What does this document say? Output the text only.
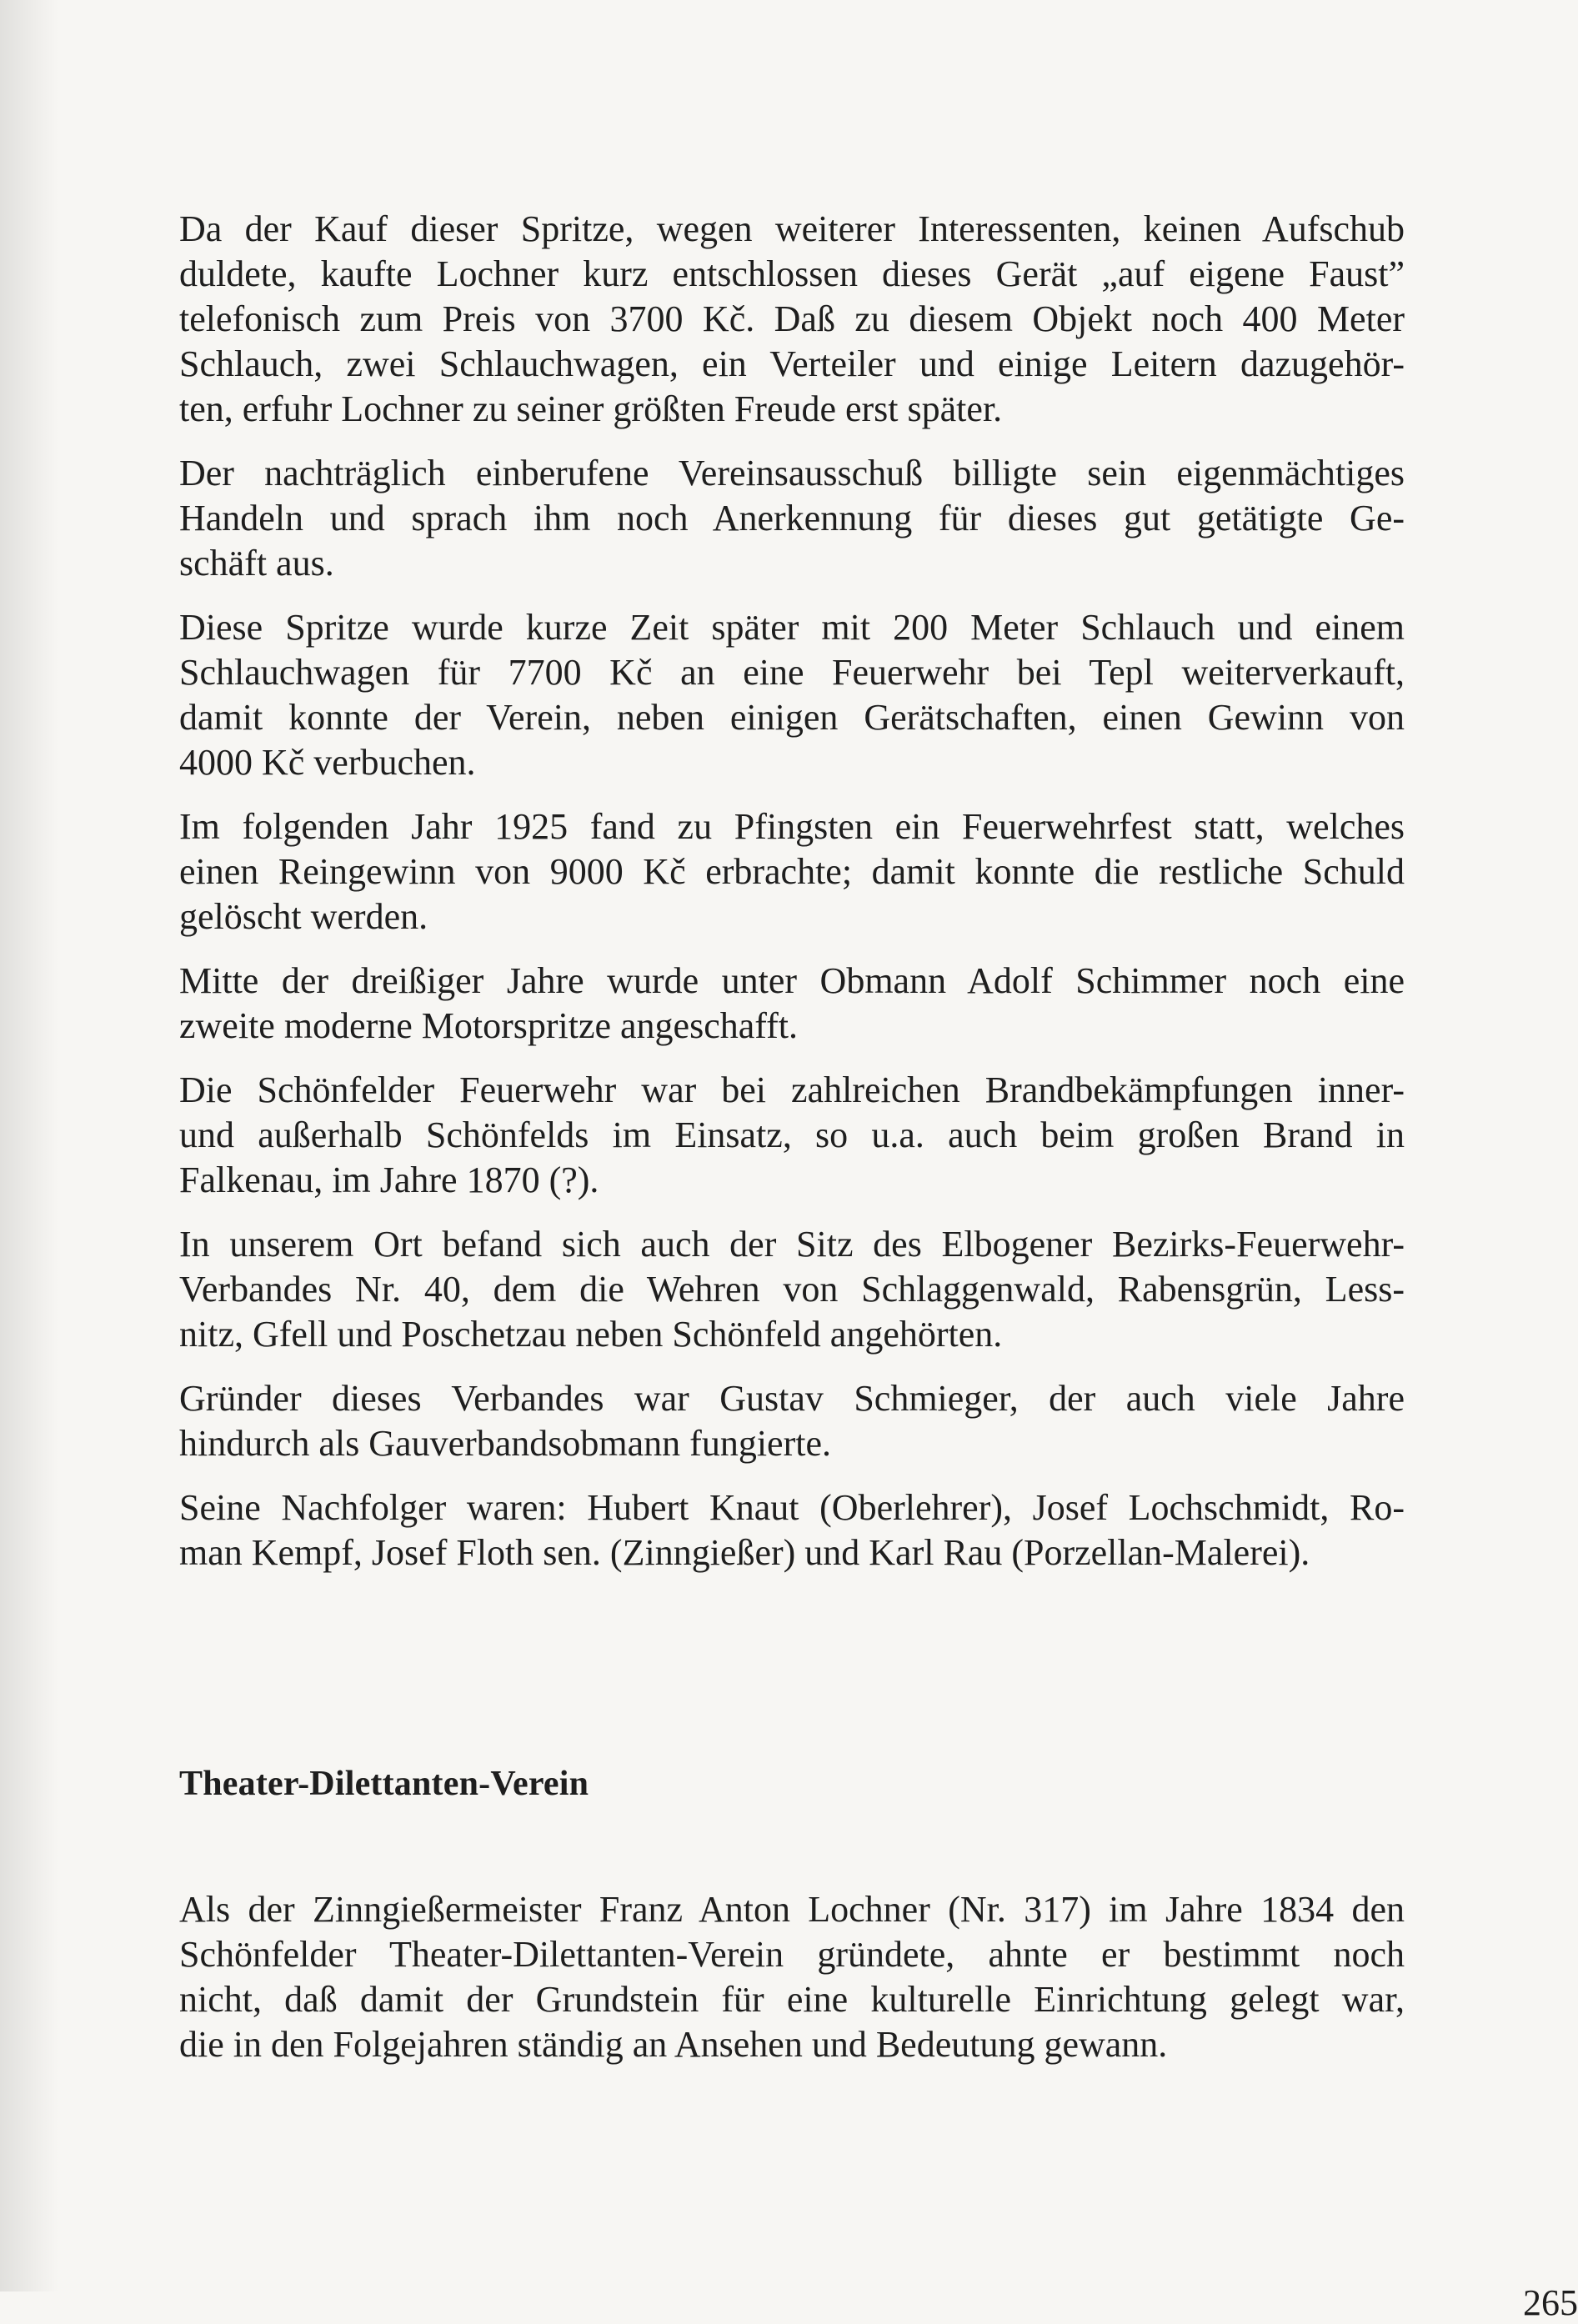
Da der Kauf dieser Spritze, wegen weiterer Interessenten, keinen Aufschub
duldete, kaufte Lochner kurz entschlossen dieses Gerät „auf eigene Faust”
telefonisch zum Preis von 3700 Kč. Daß zu diesem Objekt noch 400 Meter
Schlauch, zwei Schlauchwagen, ein Verteiler und einige Leitern dazugehör-
ten, erfuhr Lochner zu seiner größten Freude erst später.

Der nachträglich einberufene Vereinsausschuß billigte sein eigenmächtiges
Handeln und sprach ihm noch Anerkennung für dieses gut getätigte Ge-
schäft aus.

Diese Spritze wurde kurze Zeit später mit 200 Meter Schlauch und einem
Schlauchwagen für 7700 Kč an eine Feuerwehr bei Tepl weiterverkauft,
damit konnte der Verein, neben einigen Gerätschaften, einen Gewinn von
4000 Kč verbuchen.

Im folgenden Jahr 1925 fand zu Pfingsten ein Feuerwehrfest statt, welches
einen Reingewinn von 9000 Kč erbrachte; damit konnte die restliche Schuld
gelöscht werden.

Mitte der dreißiger Jahre wurde unter Obmann Adolf Schimmer noch eine
zweite moderne Motorspritze angeschafft.

Die Schönfelder Feuerwehr war bei zahlreichen Brandbekämpfungen inner-
und außerhalb Schönfelds im Einsatz, so u.a. auch beim großen Brand in
Falkenau, im Jahre 1870 (?).

In unserem Ort befand sich auch der Sitz des Elbogener Bezirks-Feuerwehr-
Verbandes Nr. 40, dem die Wehren von Schlaggenwald, Rabensgrün, Less-
nitz, Gfell und Poschetzau neben Schönfeld angehörten.

Gründer dieses Verbandes war Gustav Schmieger, der auch viele Jahre
hindurch als Gauverbandsobmann fungierte.

Seine Nachfolger waren: Hubert Knaut (Oberlehrer), Josef Lochschmidt, Ro-
man Kempf, Josef Floth sen. (Zinngießer) und Karl Rau (Porzellan-Malerei).

Theater-Dilettanten-Verein

Als der Zinngießermeister Franz Anton Lochner (Nr. 317) im Jahre 1834 den
Schönfelder Theater-Dilettanten-Verein gründete, ahnte er bestimmt noch
nicht, daß damit der Grundstein für eine kulturelle Einrichtung gelegt war,
die in den Folgejahren ständig an Ansehen und Bedeutung gewann.

265
